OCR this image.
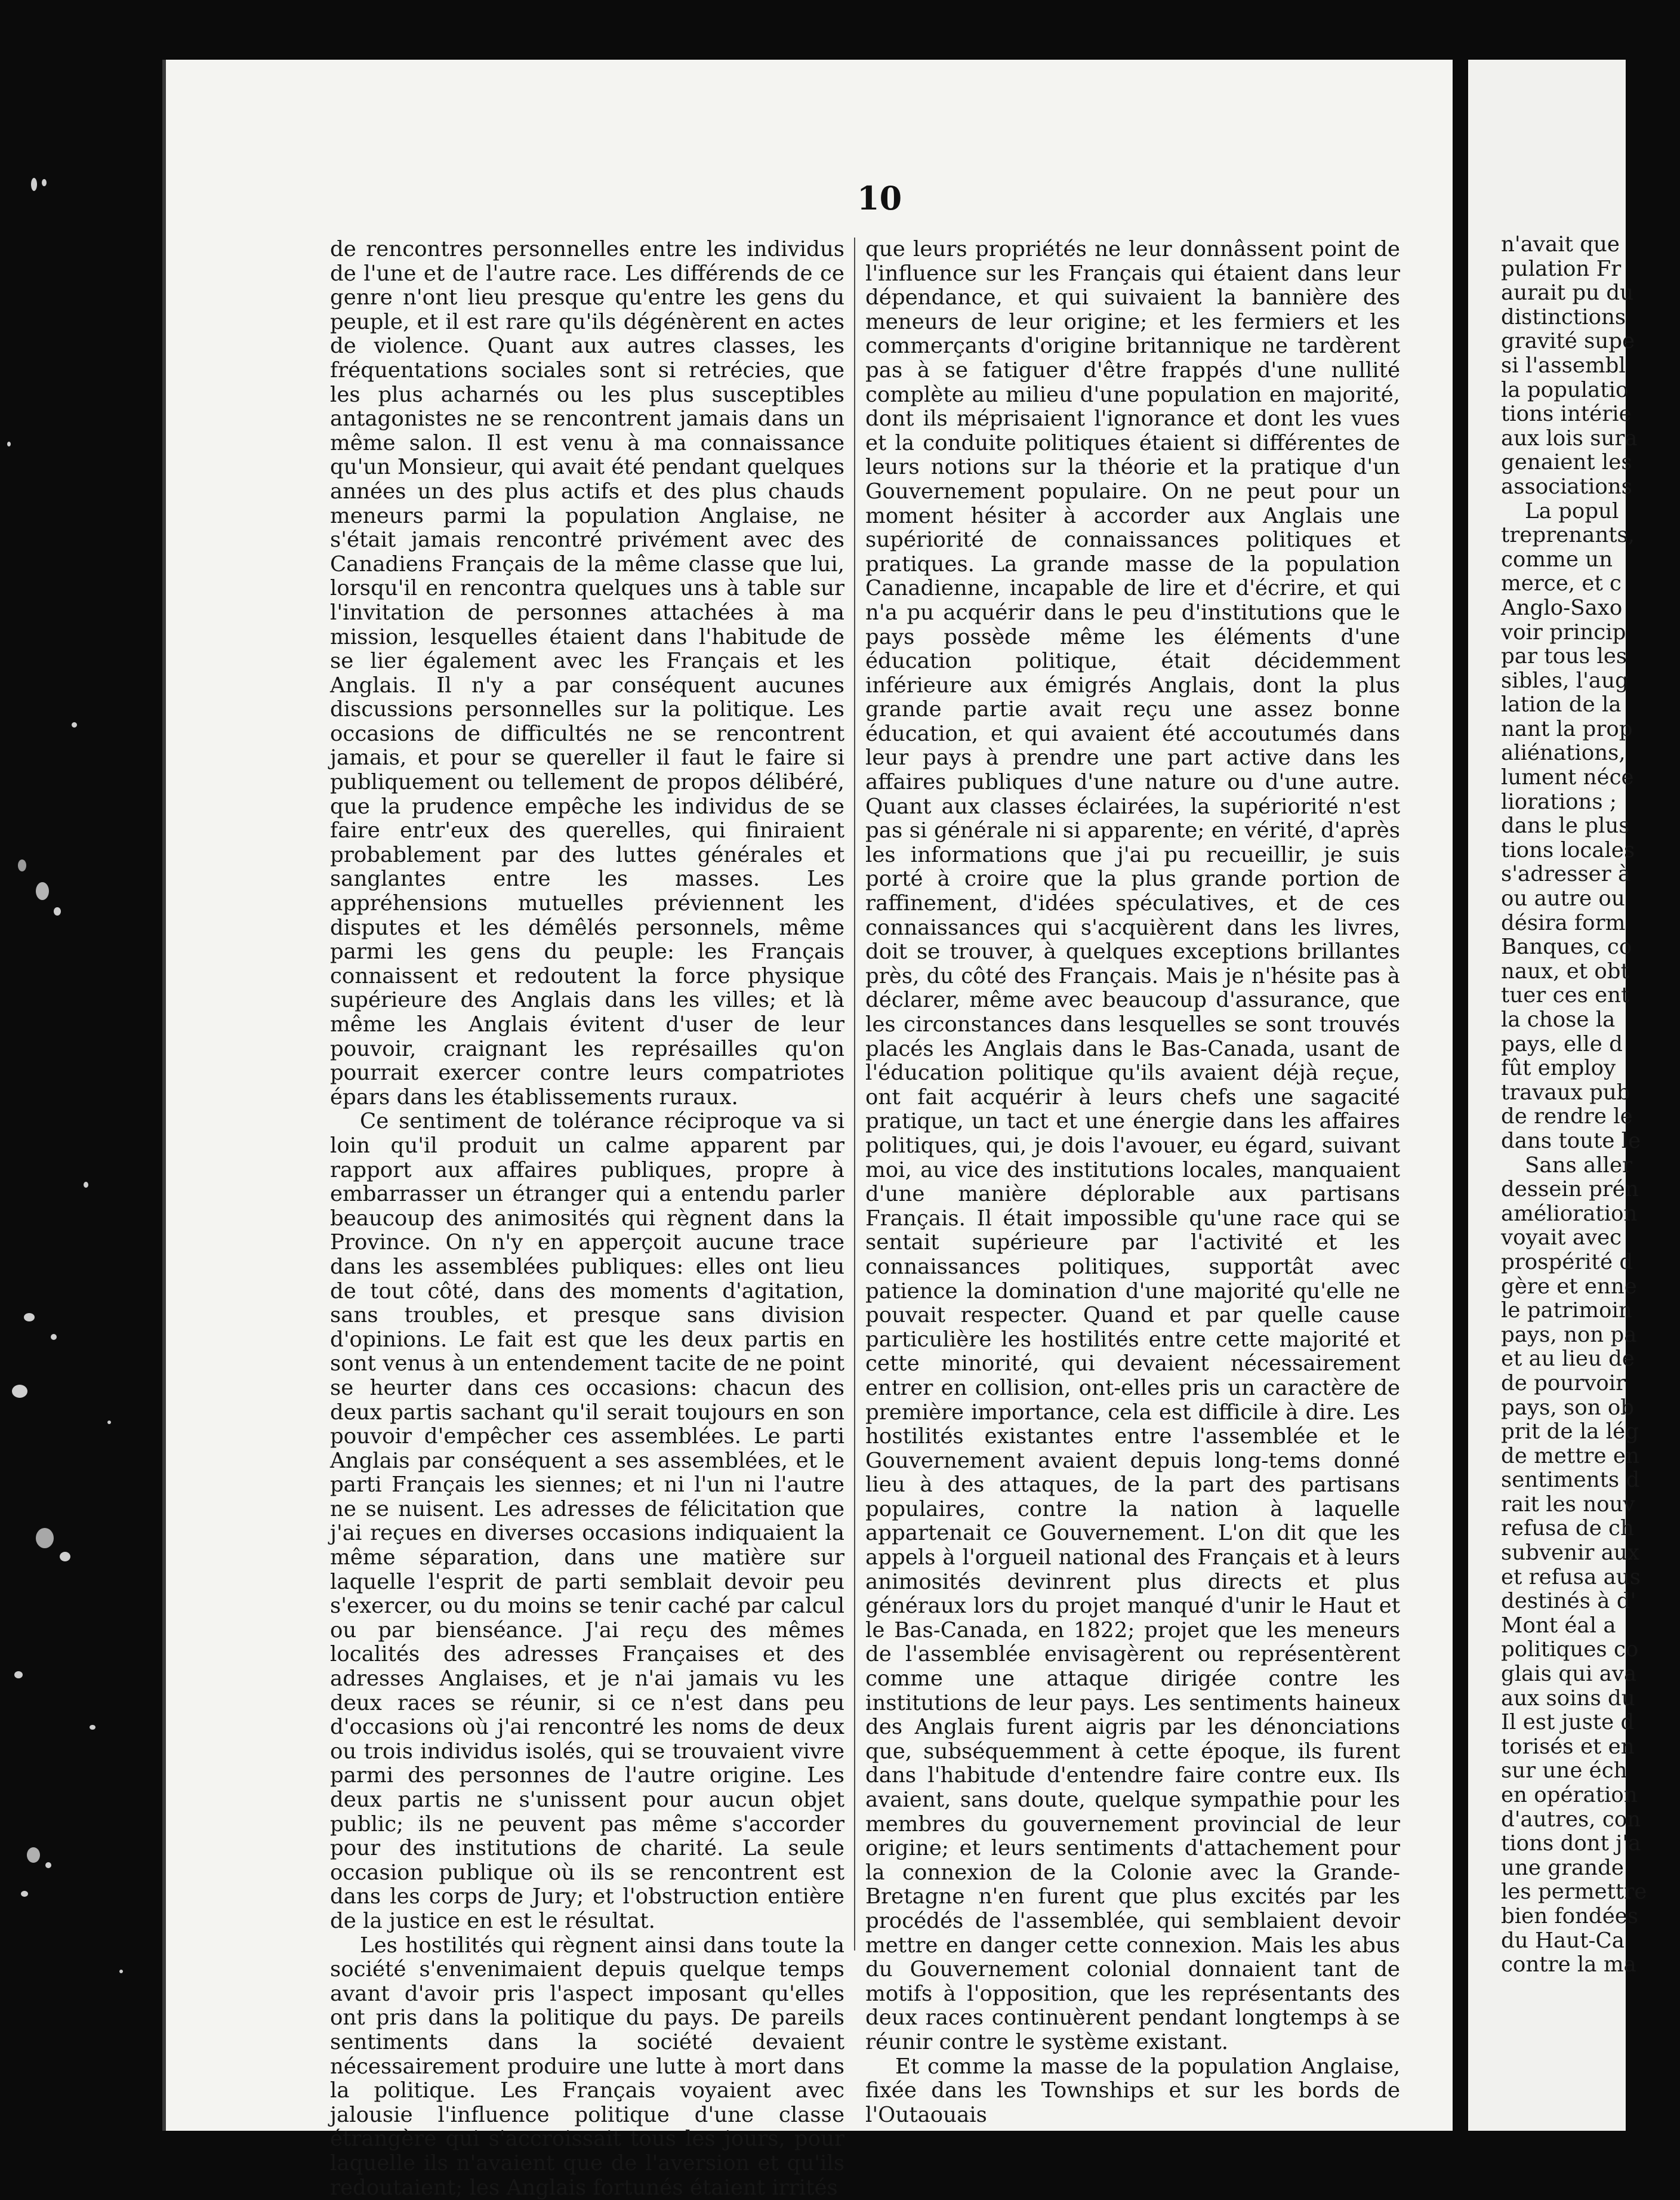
10

de rencontres personnelles entre les individus de l'une et de l'autre race. Les différends de ce genre n'ont lieu presque qu'entre les gens du peuple, et il est rare qu'ils dégénèrent en actes de violence. Quant aux autres classes, les fréquentations sociales sont si retrécies, que les plus acharnés ou les plus susceptibles antagonistes ne se rencontrent jamais dans un même salon. Il est venu à ma connaissance qu'un Monsieur, qui avait été pendant quelques années un des plus actifs et des plus chauds meneurs parmi la population Anglaise, ne s'était jamais rencontré privément avec des Canadiens Français de la même classe que lui, lorsqu'il en rencontra quelques uns à table sur l'invitation de personnes attachées à ma mission, lesquelles étaient dans l'habitude de se lier également avec les Français et les Anglais. Il n'y a par conséquent aucunes discussions personnelles sur la politique. Les occasions de difficultés ne se rencontrent jamais, et pour se quereller il faut le faire si publiquement ou tellement de propos délibéré, que la prudence empêche les individus de se faire entr'eux des querelles, qui finiraient probablement par des luttes générales et sanglantes entre les masses. Les appréhensions mutuelles préviennent les disputes et les démêlés personnels, même parmi les gens du peuple: les Français connaissent et redoutent la force physique supérieure des Anglais dans les villes; et là même les Anglais évitent d'user de leur pouvoir, craignant les représailles qu'on pourrait exercer contre leurs compatriotes épars dans les établissements ruraux.

Ce sentiment de tolérance réciproque va si loin qu'il produit un calme apparent par rapport aux affaires publiques, propre à embarrasser un étranger qui a entendu parler beaucoup des animosités qui règnent dans la Province. On n'y en apperçoit aucune trace dans les assemblées publiques: elles ont lieu de tout côté, dans des moments d'agitation, sans troubles, et presque sans division d'opinions. Le fait est que les deux partis en sont venus à un entendement tacite de ne point se heurter dans ces occasions: chacun des deux partis sachant qu'il serait toujours en son pouvoir d'empêcher ces assemblées. Le parti Anglais par conséquent a ses assemblées, et le parti Français les siennes; et ni l'un ni l'autre ne se nuisent. Les adresses de félicitation que j'ai reçues en diverses occasions indiquaient la même séparation, dans une matière sur laquelle l'esprit de parti semblait devoir peu s'exercer, ou du moins se tenir caché par calcul ou par bienséance. J'ai reçu des mêmes localités des adresses Françaises et des adresses Anglaises, et je n'ai jamais vu les deux races se réunir, si ce n'est dans peu d'occasions où j'ai rencontré les noms de deux ou trois individus isolés, qui se trouvaient vivre parmi des personnes de l'autre origine. Les deux partis ne s'unissent pour aucun objet public; ils ne peuvent pas même s'accorder pour des institutions de charité. La seule occasion publique où ils se rencontrent est dans les corps de Jury; et l'obstruction entière de la justice en est le résultat.

Les hostilités qui règnent ainsi dans toute la société s'envenimaient depuis quelque temps avant d'avoir pris l'aspect imposant qu'elles ont pris dans la politique du pays. De pareils sentiments dans la société devaient nécessairement produire une lutte à mort dans la politique. Les Français voyaient avec jalousie l'influence politique d'une classe étrangère qui s'accroissait tous les jours, pour laquelle ils n'avaient que de l'aversion et qu'ils redoutaient; les Anglais fortunés étaient irrités

que leurs propriétés ne leur donnâssent point de l'influence sur les Français qui étaient dans leur dépendance, et qui suivaient la bannière des meneurs de leur origine; et les fermiers et les commerçants d'origine britannique ne tardèrent pas à se fatiguer d'être frappés d'une nullité complète au milieu d'une population en majorité, dont ils méprisaient l'ignorance et dont les vues et la conduite politiques étaient si différentes de leurs notions sur la théorie et la pratique d'un Gouvernement populaire. On ne peut pour un moment hésiter à accorder aux Anglais une supériorité de connaissances politiques et pratiques. La grande masse de la population Canadienne, incapable de lire et d'écrire, et qui n'a pu acquérir dans le peu d'institutions que le pays possède même les éléments d'une éducation politique, était décidemment inférieure aux émigrés Anglais, dont la plus grande partie avait reçu une assez bonne éducation, et qui avaient été accoutumés dans leur pays à prendre une part active dans les affaires publiques d'une nature ou d'une autre. Quant aux classes éclairées, la supériorité n'est pas si générale ni si apparente; en vérité, d'après les informations que j'ai pu recueillir, je suis porté à croire que la plus grande portion de raffinement, d'idées spéculatives, et de ces connaissances qui s'acquièrent dans les livres, doit se trouver, à quelques exceptions brillantes près, du côté des Français. Mais je n'hésite pas à déclarer, même avec beaucoup d'assurance, que les circonstances dans lesquelles se sont trouvés placés les Anglais dans le Bas-Canada, usant de l'éducation politique qu'ils avaient déjà reçue, ont fait acquérir à leurs chefs une sagacité pratique, un tact et une énergie dans les affaires politiques, qui, je dois l'avouer, eu égard, suivant moi, au vice des institutions locales, manquaient d'une manière déplorable aux partisans Français. Il était impossible qu'une race qui se sentait supérieure par l'activité et les connaissances politiques, supportât avec patience la domination d'une majorité qu'elle ne pouvait respecter. Quand et par quelle cause particulière les hostilités entre cette majorité et cette minorité, qui devaient nécessairement entrer en collision, ont-elles pris un caractère de première importance, cela est difficile à dire. Les hostilités existantes entre l'assemblée et le Gouvernement avaient depuis long-tems donné lieu à des attaques, de la part des partisans populaires, contre la nation à laquelle appartenait ce Gouvernement. L'on dit que les appels à l'orgueil national des Français et à leurs animosités devinrent plus directs et plus généraux lors du projet manqué d'unir le Haut et le Bas-Canada, en 1822; projet que les meneurs de l'assemblée envisagèrent ou représentèrent comme une attaque dirigée contre les institutions de leur pays. Les sentiments haineux des Anglais furent aigris par les dénonciations que, subséquemment à cette époque, ils furent dans l'habitude d'entendre faire contre eux. Ils avaient, sans doute, quelque sympathie pour les membres du gouvernement provincial de leur origine; et leurs sentiments d'attachement pour la connexion de la Colonie avec la Grande-Bretagne n'en furent que plus excités par les procédés de l'assemblée, qui semblaient devoir mettre en danger cette connexion. Mais les abus du Gouvernement colonial donnaient tant de motifs à l'opposition, que les représentants des deux races continuèrent pendant longtemps à se réunir contre le système existant.

Et comme la masse de la population Anglaise, fixée dans les Townships et sur les bords de l'Outaouais

n'avait que
pulation Fr
aurait pu du
distinctions
gravité supe
si l'assembl
la populatio
tions intérie
aux lois sura
genaient les
associations
La popul
treprenants,
comme un
merce, et c
Anglo-Saxo
voir princip
par tous les
sibles, l'aug
lation de la
nant la prop
aliénations,
lument néce
liorations ;
dans le plus
tions locales
s'adresser à
ou autre ou
désira form
Banques, co
naux, et obt
tuer ces ent
la chose la
pays, elle d
fût employ
travaux pub
de rendre le
dans toute le
Sans aller
dessein prén
amélioration
voyait avec
prospérité d
gère et enne
le patrimoin
pays, non pa
et au lieu de
de pourvoir
pays, son ob
prit de la lég
de mettre en
sentiments d
rait les nouv
refusa de ch
subvenir aux
et refusa aus
destinés à d'
Mont éal a
politiques co
glais qui ava
aux soins du
Il est juste d
torisés et en
sur une éch
en opération
d'autres, con
tions dont j'a
une grande
les permettre
bien fondées
du Haut-Ca
contre la ma
